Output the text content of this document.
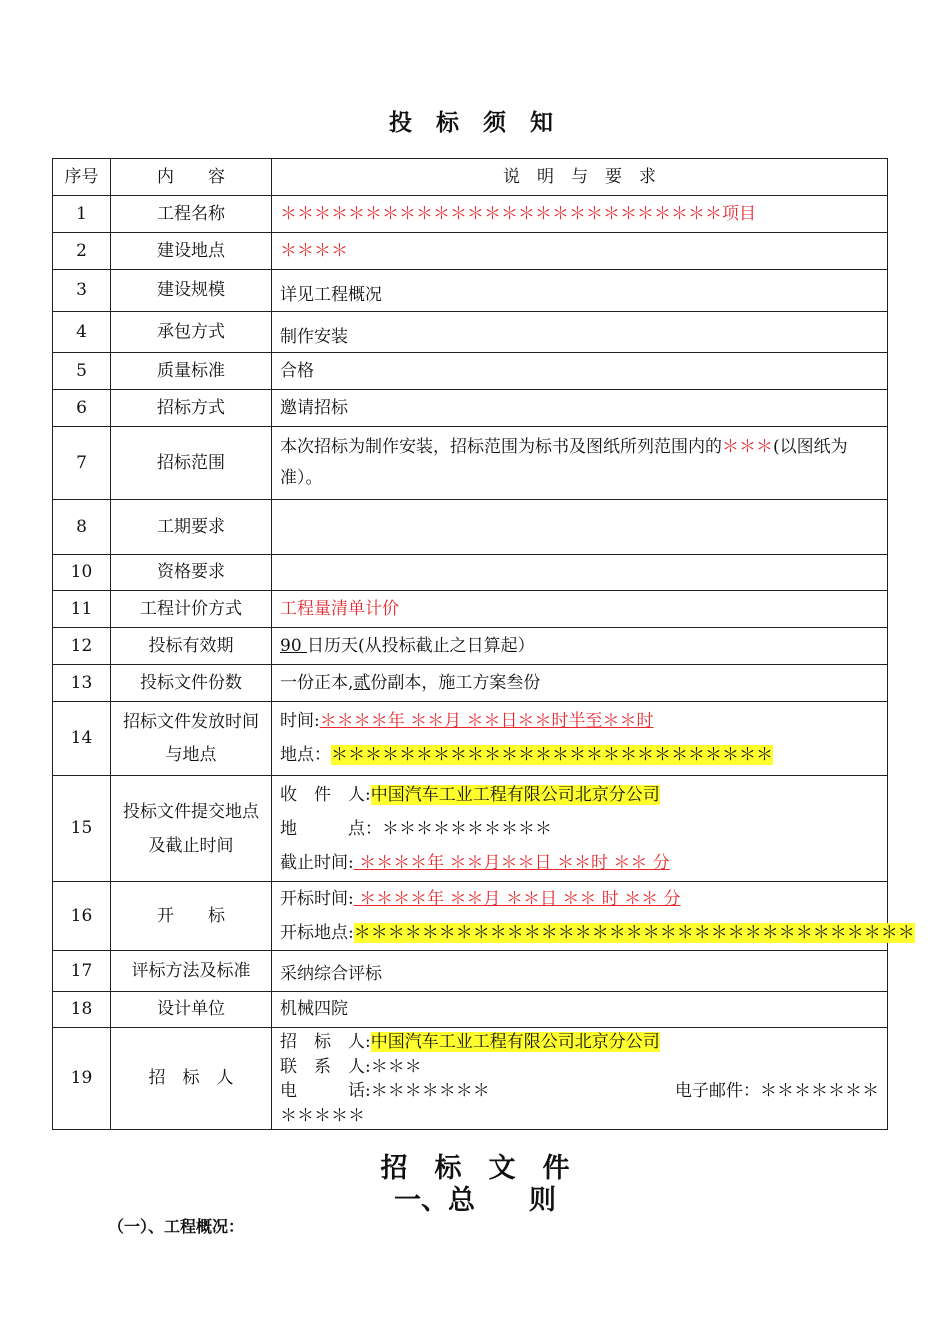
投 标 须 知
序号	内　　容	说　明　与　要　求
1	工程名称	＊＊＊＊＊＊＊＊＊＊＊＊＊＊＊＊＊＊＊＊＊＊＊＊＊＊项目
2	建设地点	＊＊＊＊
3	建设规模	详见工程概况
4	承包方式	制作安装
5	质量标准	合格
6	招标方式	邀请招标
7	招标范围	本次招标为制作安装，招标范围为标书及图纸所列范围内的＊＊＊(以图纸为准）。
8	工期要求	
10	资格要求	
11	工程计价方式	工程量清单计价
12	投标有效期	90 日历天(从投标截止之日算起）
13	投标文件份数	一份正本,贰份副本，施工方案叁份
14	招标文件发放时间与地点	时间:＊＊＊＊年 ＊＊月 ＊＊日＊＊时半至＊＊时
地点：＊＊＊＊＊＊＊＊＊＊＊＊＊＊＊＊＊＊＊＊＊＊＊＊＊＊

15	投标文件提交地点及截止时间	收　件　人:中国汽车工业工程有限公司北京分公司
地　　　点：＊＊＊＊＊＊＊＊＊＊
截止时间: ＊＊＊＊年 ＊＊月＊＊日 ＊＊时 ＊＊ 分

16	开　　标	开标时间: ＊＊＊＊年 ＊＊月 ＊＊日 ＊＊ 时 ＊＊ 分
开标地点:＊＊＊＊＊＊＊＊＊＊＊＊＊＊＊＊＊＊＊＊＊＊＊＊＊＊＊＊＊＊＊＊＊

17	评标方法及标准	采纳综合评标
18	设计单位	机械四院
19	招　标　人	招　标　人:中国汽车工业工程有限公司北京分公司
联　系　人:＊＊＊
电　　　话:＊＊＊＊＊＊＊ 电子邮件：＊＊＊＊＊＊＊
＊＊＊＊＊
招　标　文　件
一、总　　则
（一）、工程概况：
